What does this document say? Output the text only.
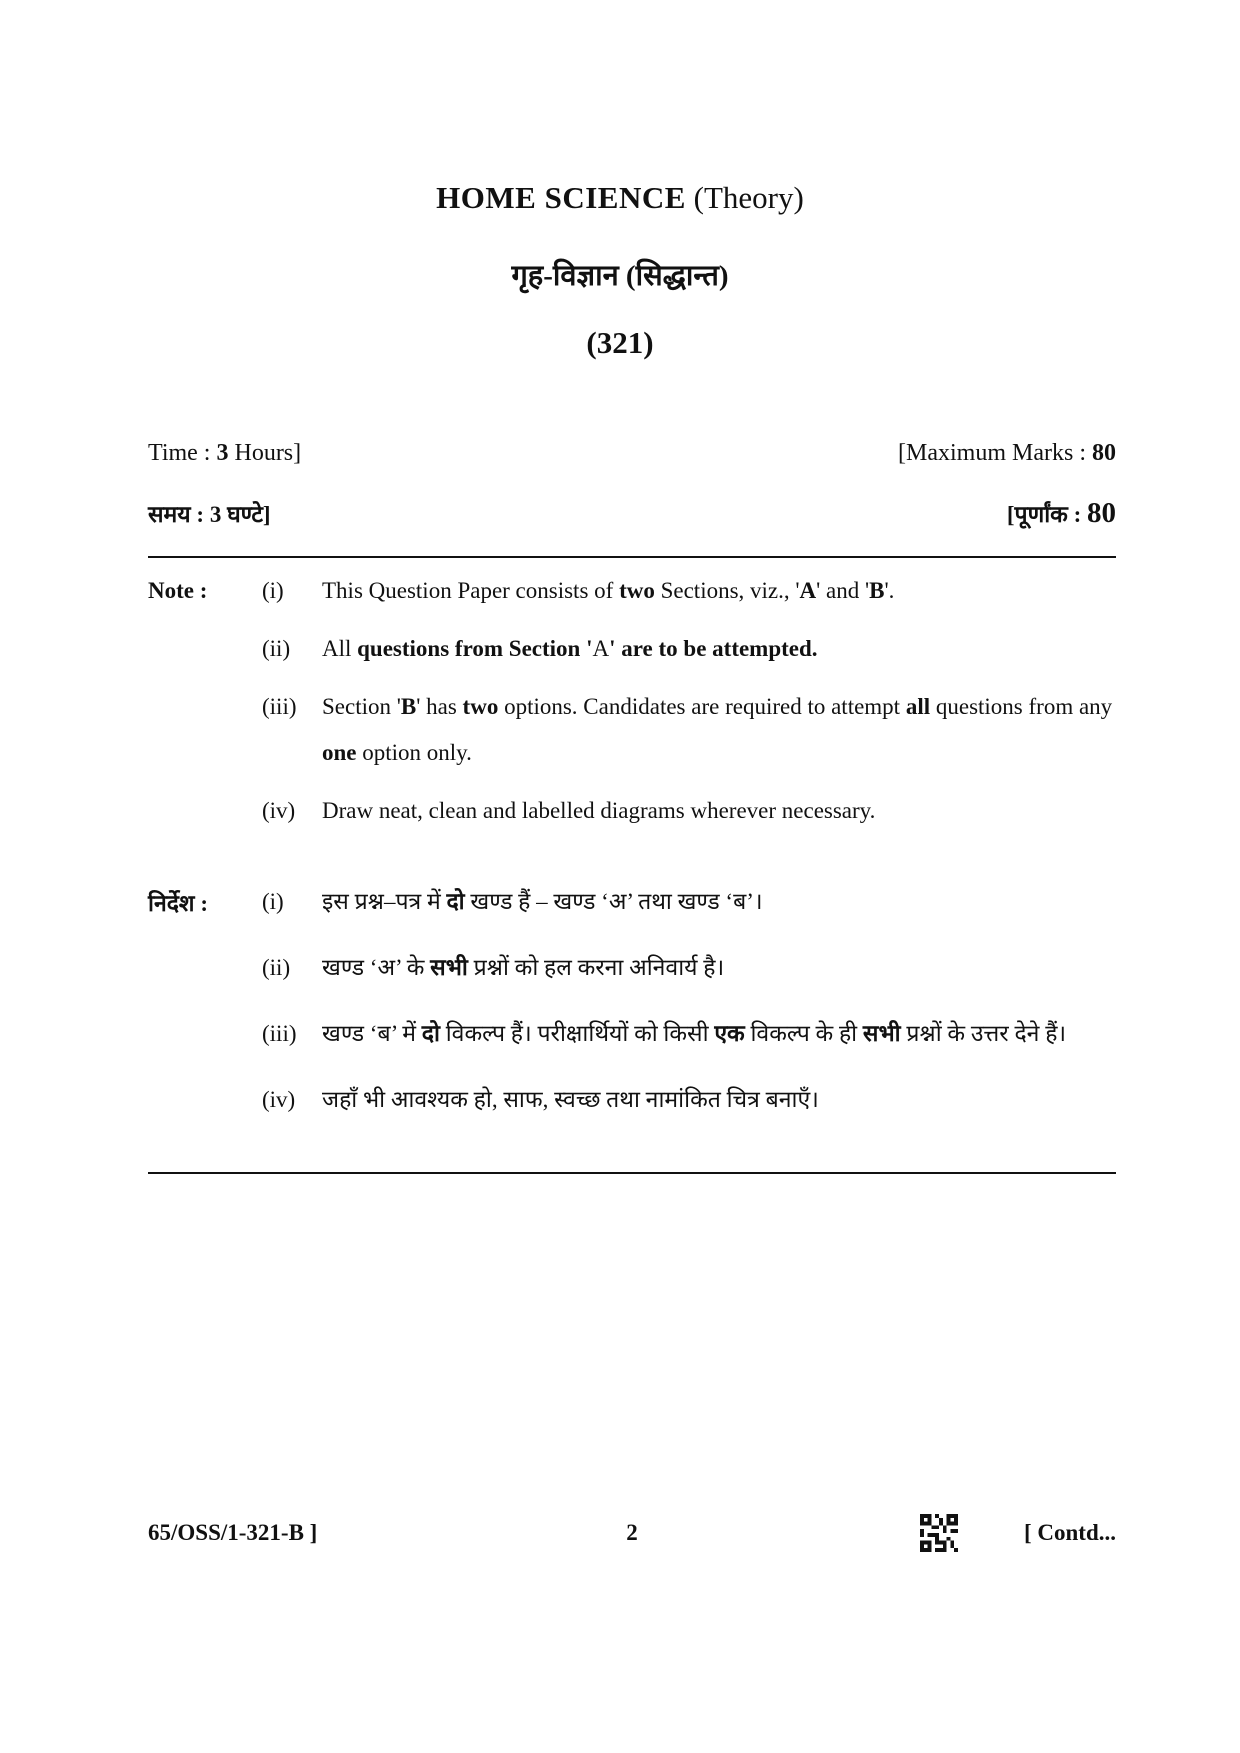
HOME SCIENCE (Theory)
गृह-विज्ञान (सिद्धान्त)
(321)
Time : 3 Hours]	[Maximum Marks : 80
समय : 3 घण्टे]	[पूर्णांक : 80
Note : (i)	This Question Paper consists of two Sections, viz., 'A' and 'B'.
(ii)	All questions from Section 'A' are to be attempted.
(iii)	Section 'B' has two options. Candidates are required to attempt all questions from any one option only.
(iv)	Draw neat, clean and labelled diagrams wherever necessary.
निर्देश : (i)	इस प्रश्न–पत्र में दो खण्ड हैं – खण्ड ‘अ’ तथा खण्ड ‘ब’।
(ii)	खण्ड ‘अ’ के सभी प्रश्नों को हल करना अनिवार्य है।
(iii)	खण्ड ‘ब’ में दो विकल्प हैं। परीक्षार्थियों को किसी एक विकल्प के ही सभी प्रश्नों के उत्तर देने हैं।
(iv)	जहाँ भी आवश्यक हो, साफ, स्वच्छ तथा नामांकित चित्र बनाएँ।
65/OSS/1-321-B ]	2	[ Contd...
